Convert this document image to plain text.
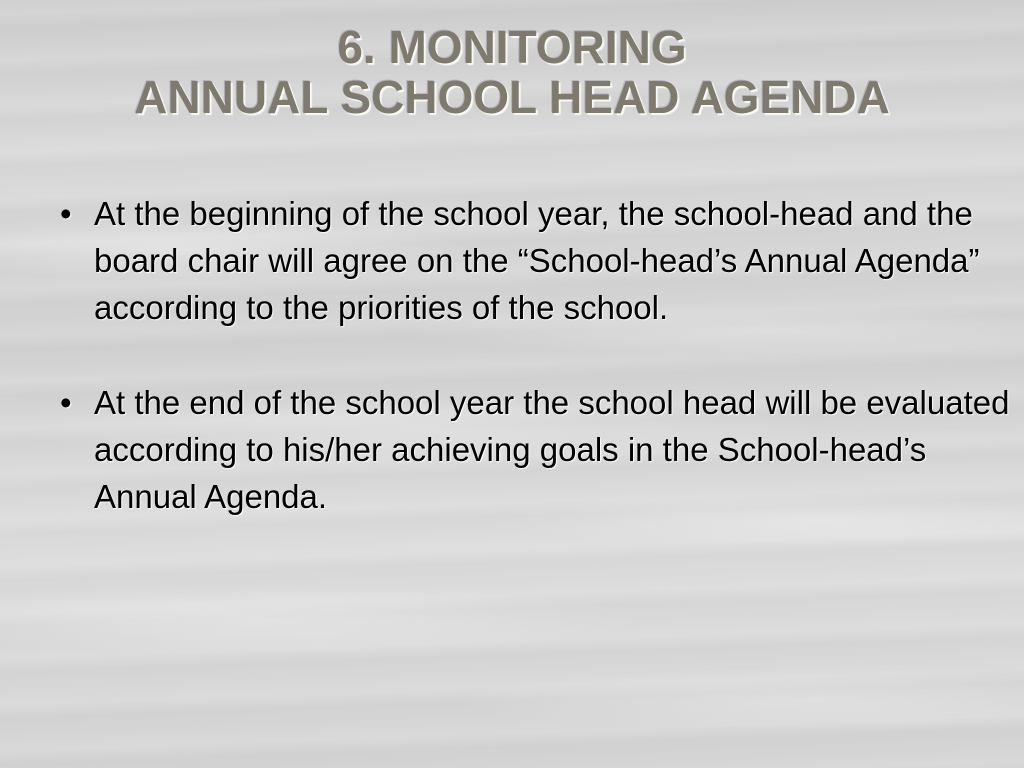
6. MONITORING
ANNUAL SCHOOL HEAD AGENDA
• At the beginning of the school year, the school-head and the board chair will agree on the “School-head’s Annual Agenda” according to the priorities of the school.
• At the end of the school year the school head will be evaluated according to his/her achieving goals in the School-head’s Annual Agenda.
